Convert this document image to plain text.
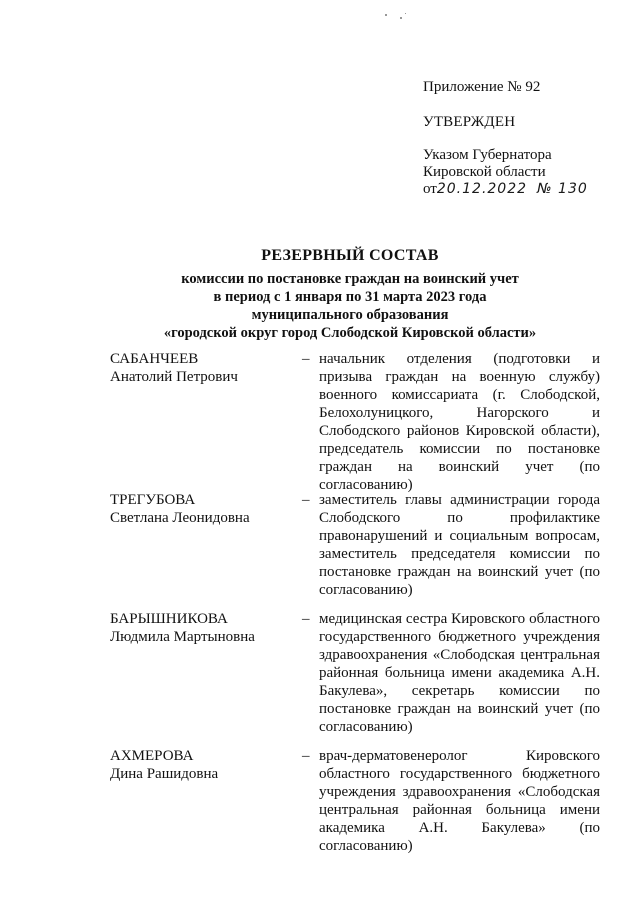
Приложение № 92
УТВЕРЖДЕН
Указом Губернатора
Кировской области
от20.12.2022 № 130
РЕЗЕРВНЫЙ СОСТАВ
комиссии по постановке граждан на воинский учет
в период с 1 января по 31 марта 2023 года
муниципального образования
«городской округ город Слободской Кировской области»
САБАНЧЕЕВ
Анатолий Петрович
– начальник отделения (подготовки и призыва граждан на военную службу) военного комиссариата (г. Слободской, Белохолуницкого, Нагорского и Слободского районов Кировской области), председатель комиссии по постановке граждан на воинский учет (по согласованию)
ТРЕГУБОВА
Светлана Леонидовна
– заместитель главы администрации города Слободского по профилактике правонарушений и социальным вопросам, заместитель председателя комиссии по постановке граждан на воинский учет (по согласованию)
БАРЫШНИКОВА
Людмила Мартыновна
– медицинская сестра Кировского областного государственного бюджетного учреждения здравоохранения «Слободская центральная районная больница имени академика А.Н. Бакулева», секретарь комиссии по постановке граждан на воинский учет (по согласованию)
АХМЕРОВА
Дина Рашидовна
– врач-дерматовенеролог Кировского областного государственного бюджетного учреждения здравоохранения «Слободская центральная районная больница имени академика А.Н. Бакулева» (по согласованию)
